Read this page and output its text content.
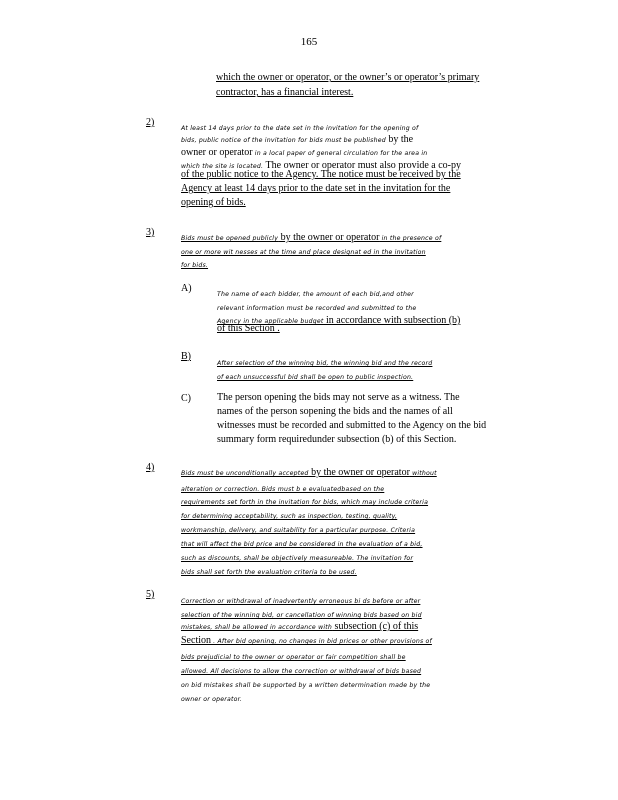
165
which the owner or operator, or the owner’s or operator’s primary
contractor, has a financial interest.
2)
At least 14 days prior to the date set in the invitation for the opening of
bids, public notice of the invitation for bids must be published by the
owner or operator in a local paper of general circulation for the area in
which the site is located. The owner or operator must also provide a co-py
of the public notice to the Agency. The notice must be received by the
Agency at least 14 days prior to the date set in the invitation for the
opening of bids.
3)
Bids must be opened publicly by the owner or operator in the presence of
one or more wit nesses at the time and place designat ed in the invitation
for bids.
A)
The name of each bidder, the amount of each bid,and other
relevant information must be recorded and submitted to the
Agency in the applicable budget in accordance with subsection (b)
of this Section .
B)
After selection of the winning bid, the winning bid and the record
of each unsuccessful bid shall be open to public inspection.
C)	The person opening the bids may not serve as a witness. The
names of the person sopening the bids and the names of all
witnesses must be recorded and submitted to the Agency on the bid
summary form requiredunder subsection (b) of this Section.
4)
Bids must be unconditionally accepted by the owner or operator without
alteration or correction. Bids must b e evaluatedbased on the
requirements set forth in the invitation for bids, which may include criteria
for determining acceptability, such as inspection, testing, quality,
workmanship, delivery, and suitability for a particular purpose. Criteria
that will affect the bid price and be considered in the evaluation of a bid,
such as discounts, shall be objectively measureable. The invitation for
bids shall set forth the evaluation criteria to be used.
5)
Correction or withdrawal of inadvertently erroneous bi ds before or after
selection of the winning bid, or cancellation of winning bids based on bid
mistakes, shall be allowed in accordance with subsection (c) of this
Section . After bid opening, no changes in bid prices or other provisions of
bids prejudicial to the owner or operator or fair competition shall be
allowed. All decisions to allow the correction or withdrawal of bids based
on bid mistakes shall be supported by a written determination made by the
owner or operator.
